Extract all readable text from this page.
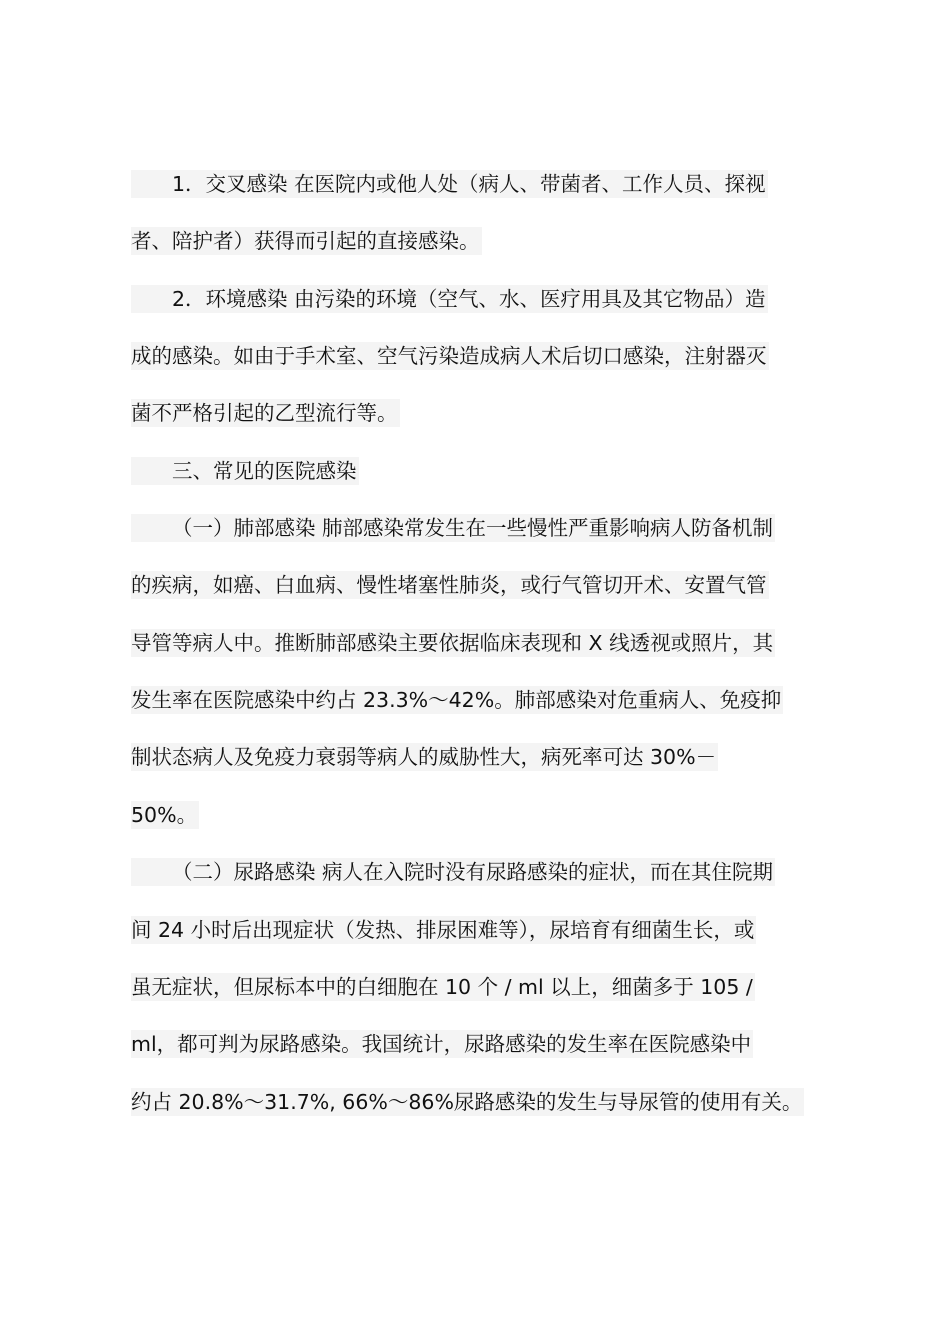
1．交叉感染 在医院内或他人处（病人、带菌者、工作人员、探视
者、陪护者）获得而引起的直接感染。
2．环境感染 由污染的环境（空气、水、医疗用具及其它物品）造
成的感染。如由于手术室、空气污染造成病人术后切口感染，注射器灭
菌不严格引起的乙型流行等。
三、常见的医院感染
（一）肺部感染 肺部感染常发生在一些慢性严重影响病人防备机制
的疾病，如癌、白血病、慢性堵塞性肺炎，或行气管切开术、安置气管
导管等病人中。推断肺部感染主要依据临床表现和 X 线透视或照片，其
发生率在医院感染中约占 23.3%～42%。肺部感染对危重病人、免疫抑
制状态病人及免疫力衰弱等病人的威胁性大，病死率可达 30%－
50%。
（二）尿路感染 病人在入院时没有尿路感染的症状，而在其住院期
间 24 小时后出现症状（发热、排尿困难等），尿培育有细菌生长，或
虽无症状，但尿标本中的白细胞在 10 个 / ml 以上，细菌多于 105 /
ml，都可判为尿路感染。我国统计，尿路感染的发生率在医院感染中
约占 20.8%～31.7%, 66%～86%尿路感染的发生与导尿管的使用有关。
